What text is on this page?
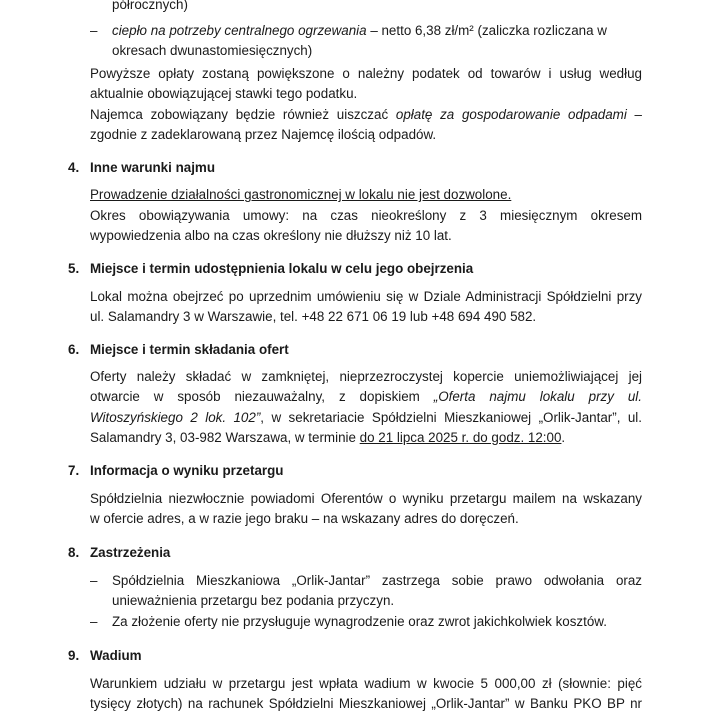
półrocznych)
– ciepło na potrzeby centralnego ogrzewania – netto 6,38 zł/m² (zaliczka rozliczana w
okresach dwunastomiesięcznych)
Powyższe opłaty zostaną powiększone o należny podatek od towarów i usług według
aktualnie obowiązującej stawki tego podatku.
Najemca zobowiązany będzie również uiszczać opłatę za gospodarowanie odpadami –
zgodnie z zadeklarowaną przez Najemcę ilością odpadów.
4. Inne warunki najmu
Prowadzenie działalności gastronomicznej w lokalu nie jest dozwolone.
Okres obowiązywania umowy: na czas nieokreślony z 3 miesięcznym okresem
wypowiedzenia albo na czas określony nie dłuższy niż 10 lat.
5. Miejsce i termin udostępnienia lokalu w celu jego obejrzenia
Lokal można obejrzeć po uprzednim umówieniu się w Dziale Administracji Spółdzielni przy
ul. Salamandry 3 w Warszawie, tel. +48 22 671 06 19 lub +48 694 490 582.
6. Miejsce i termin składania ofert
Oferty należy składać w zamkniętej, nieprzezroczystej kopercie uniemożliwiającej jej
otwarcie w sposób niezauważalny, z dopiskiem „Oferta najmu lokalu przy ul.
Witoszyńskiego 2 lok. 102”, w sekretariacie Spółdzielni Mieszkaniowej „Orlik-Jantar”, ul.
Salamandry 3, 03-982 Warszawa, w terminie do 21 lipca 2025 r. do godz. 12:00.
7. Informacja o wyniku przetargu
Spółdzielnia niezwłocznie powiadomi Oferentów o wyniku przetargu mailem na wskazany
w ofercie adres, a w razie jego braku – na wskazany adres do doręczeń.
8. Zastrzeżenia
– Spółdzielnia Mieszkaniowa „Orlik-Jantar” zastrzega sobie prawo odwołania oraz
unieważnienia przetargu bez podania przyczyn.
– Za złożenie oferty nie przysługuje wynagrodzenie oraz zwrot jakichkolwiek kosztów.
9. Wadium
Warunkiem udziału w przetargu jest wpłata wadium w kwocie 5 000,00 zł (słownie: pięć
tysięcy złotych) na rachunek Spółdzielni Mieszkaniowej „Orlik-Jantar” w Banku PKO BP nr
